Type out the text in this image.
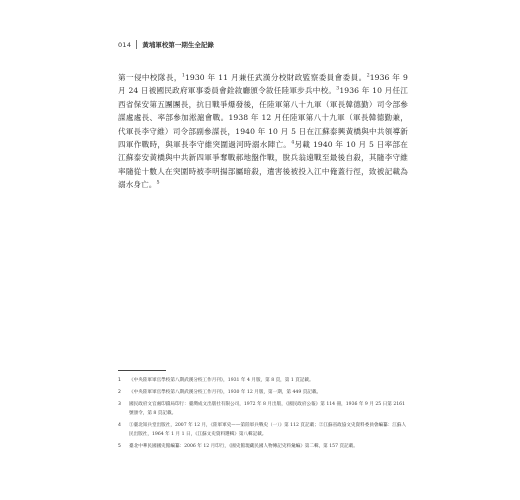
014 黃埔軍校第一期生全記錄
第一侵中校隊長，$^1$1930 年 11 月兼任武漢分校財政監察委員會委員。$^2$1936 年 9 月 24 日被國民政府軍事委員會銓敘廳頒令敘任陸軍步兵中校。$^3$1936 年 10 月任江西省保安第五團團長，抗日戰爭爆發後，任陸軍第八十九軍（軍長韓德勤）司令部參謀處處長、率部參加淞滬會戰。1938 年 12 月任陸軍第八十九軍（軍長韓德勤兼，代軍長李守維）司令部副參謀長，1940 年 10 月 5 日在江蘇泰興黃橋與中共領導新四軍作戰時，與軍長李守維突圍過河時溺水陣亡。$^4$另載 1940 年 10 月 5 日率部在江蘇泰安黃橋與中共新四軍爭奪戰郝地盤作戰，脫兵翁遠戰至最後自殺，其隨李守維率隨從十數人在突圍時被李明揚部屬暗殺，遺害後被投入江中俺蓋行徑，致被記載為溺水身亡。$^5$
1	《中央陸軍軍官學校第八期武漢分校工作月刊》，1931 年 4 月版，第 8 頁，第 1 頁記載。
2	《中央陸軍軍官學校第八期武漢分校工作月刊》，1930 年 12 月版，第一期，第 449 頁記載。
3	國民政府文官處印鑄局印行：臺灣成文出版社有限公司，1972 年 8 月出版，《國民政府公報》第 114 冊，1936 年 9 月 25 日第 2161 號頒令，第 8 頁記載。
4	①臺北知兵堂出版社，2007 年 12 月，《陸軍軍史——第陸軍兵戰史（一）》第 112 頁記載；②江蘇省政協文史資料委員會編纂：江蘇人民出版社，1964 年 1 月 1 日，《江蘇文史資料選輯》第八輯記載。
5	臺北中華民國國史館編纂：2006 年 12 月印行，《國史館現藏民國人物傳記史料彙編》第二輯，第 157 頁記載。
